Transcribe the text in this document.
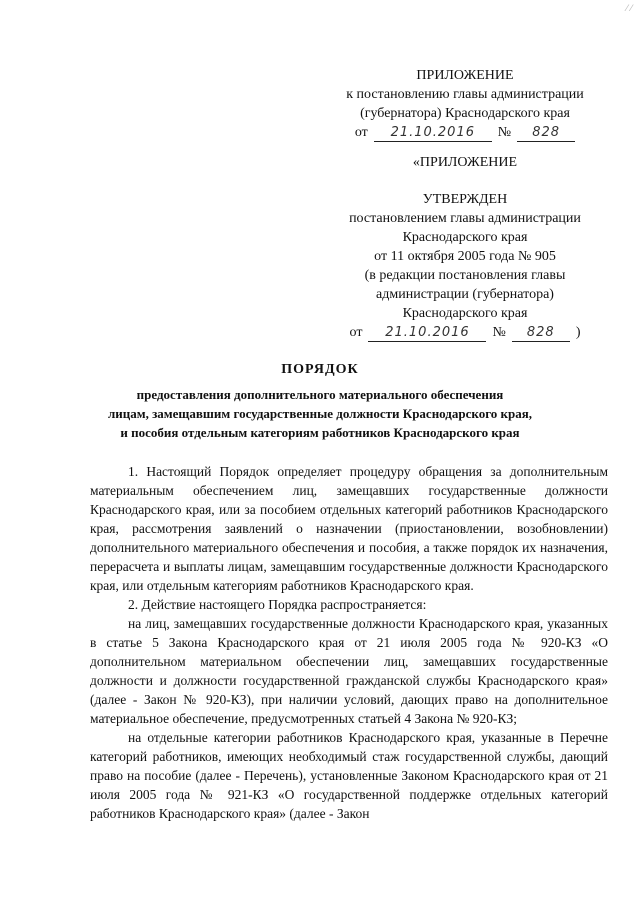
⁄ ⁄
ПРИЛОЖЕНИЕ
к постановлению главы администрации
(губернатора) Краснодарского края
от	21.10.2016	№	828
«ПРИЛОЖЕНИЕ
УТВЕРЖДЕН
постановлением главы администрации
Краснодарского края
от 11 октября 2005 года № 905
(в редакции постановления главы
администрации (губернатора)
Краснодарского края
от	21.10.2016	№	828	)
ПОРЯДОК
предоставления дополнительного материального обеспечения
лицам, замещавшим государственные должности Краснодарского края,
и пособия отдельным категориям работников Краснодарского края

1. Настоящий Порядок определяет процедуру обращения за дополнительным материальным обеспечением лиц, замещавших государственные должности Краснодарского края, или за пособием отдельных категорий работников Краснодарского края, рассмотрения заявлений о назначении (приостановлении, возобновлении) дополнительного материального обеспечения и пособия, а также порядок их назначения, перерасчета и выплаты лицам, замещавшим государственные должности Краснодарского края, или отдельным категориям работников Краснодарского края.

2. Действие настоящего Порядка распространяется:

на лиц, замещавших государственные должности Краснодарского края, указанных в статье 5 Закона Краснодарского края от 21 июля 2005 года № 920-КЗ «О дополнительном материальном обеспечении лиц, замещавших государственные должности и должности государственной гражданской службы Краснодарского края» (далее - Закон № 920-КЗ), при наличии условий, дающих право на дополнительное материальное обеспечение, предусмотренных статьей 4 Закона № 920-КЗ;

на отдельные категории работников Краснодарского края, указанные в Перечне категорий работников, имеющих необходимый стаж государственной службы, дающий право на пособие (далее - Перечень), установленные Законом Краснодарского края от 21 июля 2005 года № 921-КЗ «О государственной поддержке отдельных категорий работников Краснодарского края» (далее - Закон
